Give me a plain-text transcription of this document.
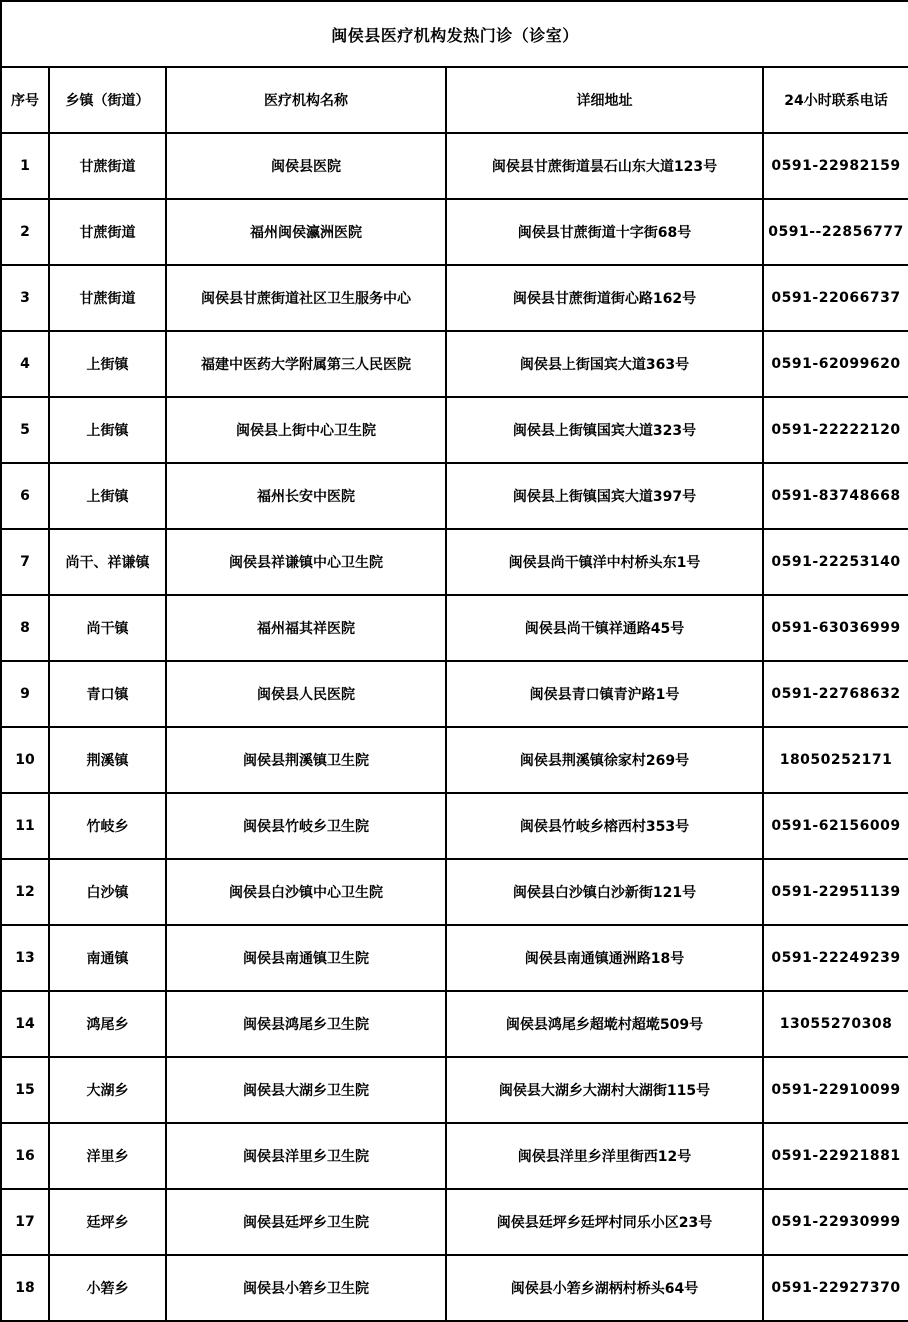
闽侯县医疗机构发热门诊（诊室）				
序号	乡镇（街道）	医疗机构名称	详细地址	24小时联系电话
1	甘蔗街道	闽侯县医院	闽侯县甘蔗街道昙石山东大道123号	0591-22982159
2	甘蔗街道	福州闽侯瀛洲医院	闽侯县甘蔗街道十字街68号	0591--22856777
3	甘蔗街道	闽侯县甘蔗街道社区卫生服务中心	闽侯县甘蔗街道街心路162号	0591-22066737
4	上街镇	福建中医药大学附属第三人民医院	闽侯县上街国宾大道363号	0591-62099620
5	上街镇	闽侯县上街中心卫生院	闽侯县上街镇国宾大道323号	0591-22222120
6	上街镇	福州长安中医院	闽侯县上街镇国宾大道397号	0591-83748668
7	尚干、祥谦镇	闽侯县祥谦镇中心卫生院	闽侯县尚干镇洋中村桥头东1号	0591-22253140
8	尚干镇	福州福其祥医院	闽侯县尚干镇祥通路45号	0591-63036999
9	青口镇	闽侯县人民医院	闽侯县青口镇青沪路1号	0591-22768632
10	荆溪镇	闽侯县荆溪镇卫生院	闽侯县荆溪镇徐家村269号	18050252171
11	竹岐乡	闽侯县竹岐乡卫生院	闽侯县竹岐乡榕西村353号	0591-62156009
12	白沙镇	闽侯县白沙镇中心卫生院	闽侯县白沙镇白沙新街121号	0591-22951139
13	南通镇	闽侯县南通镇卫生院	闽侯县南通镇通洲路18号	0591-22249239
14	鸿尾乡	闽侯县鸿尾乡卫生院	闽侯县鸿尾乡超墘村超墘509号	13055270308
15	大湖乡	闽侯县大湖乡卫生院	闽侯县大湖乡大湖村大湖街115号	0591-22910099
16	洋里乡	闽侯县洋里乡卫生院	闽侯县洋里乡洋里街西12号	0591-22921881
17	廷坪乡	闽侯县廷坪乡卫生院	闽侯县廷坪乡廷坪村同乐小区23号	0591-22930999
18	小箬乡	闽侯县小箬乡卫生院	闽侯县小箬乡湖柄村桥头64号	0591-22927370
